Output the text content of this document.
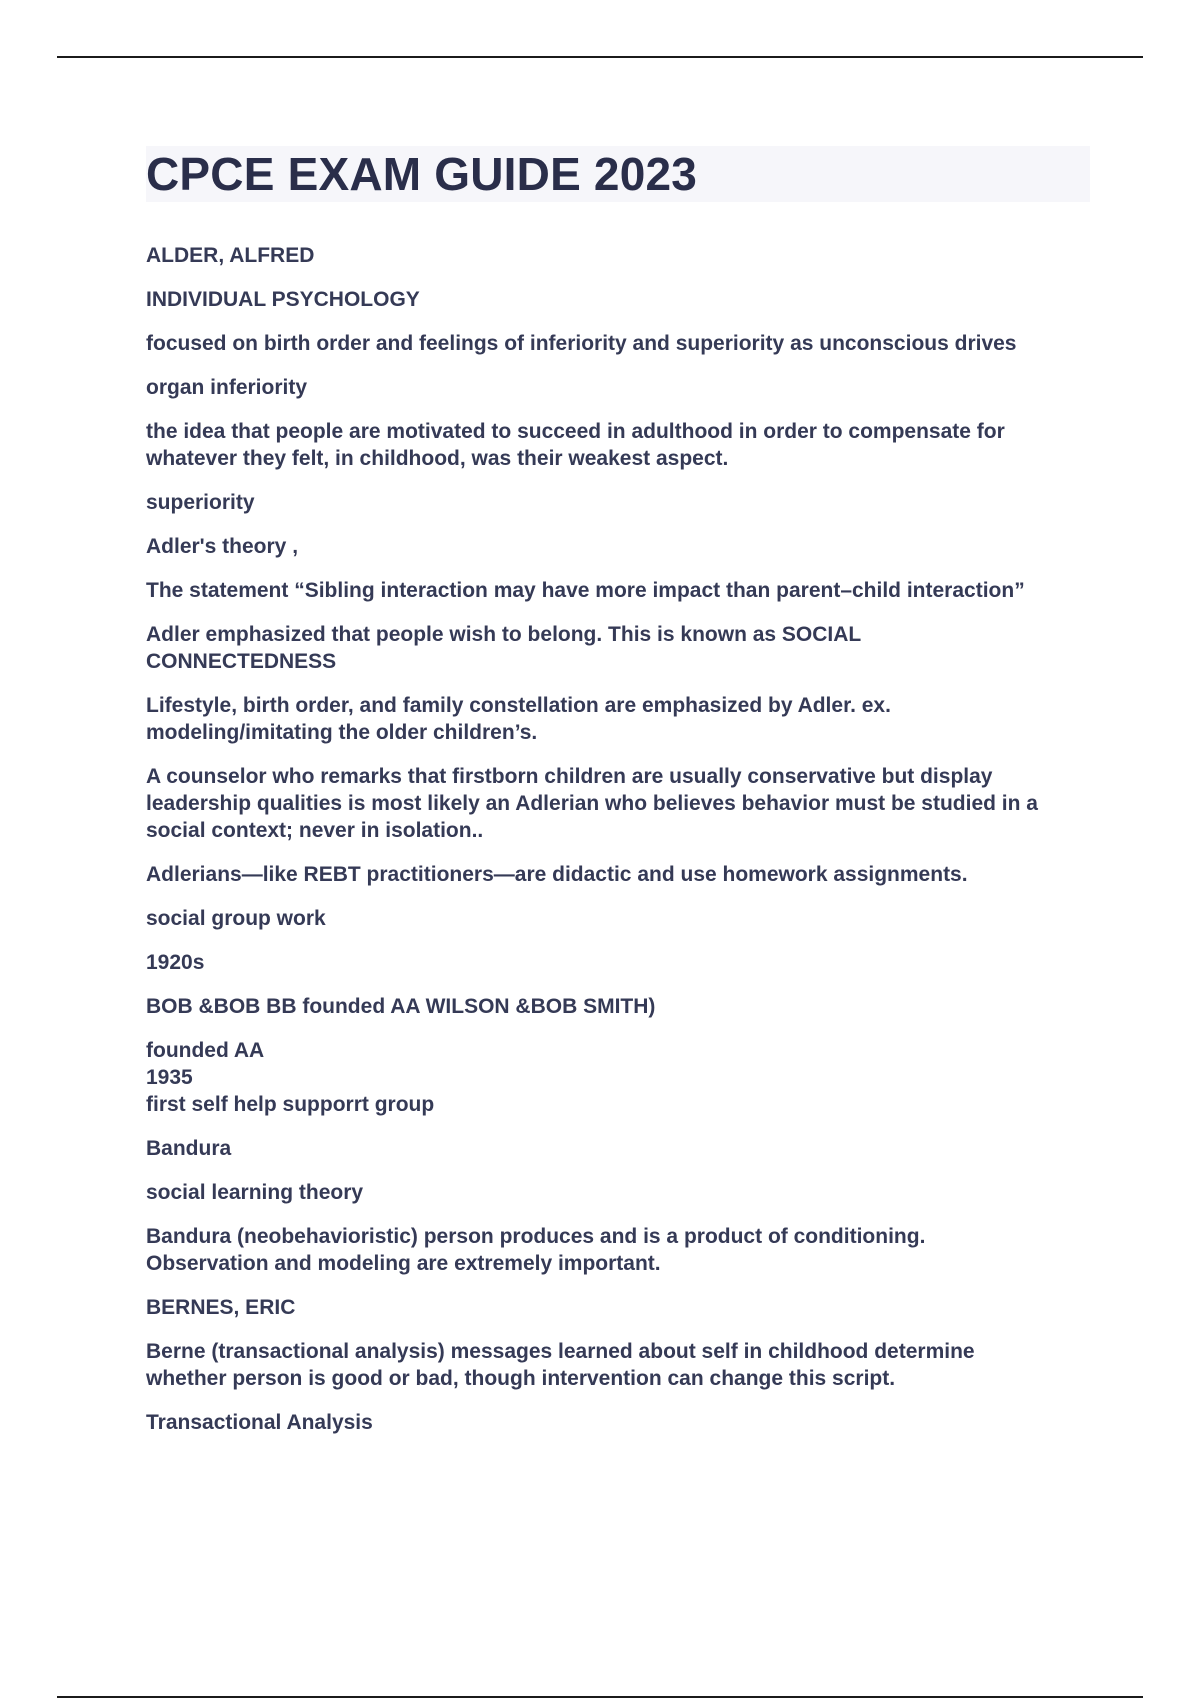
CPCE EXAM GUIDE 2023

ALDER, ALFRED

INDIVIDUAL PSYCHOLOGY

focused on birth order and feelings of inferiority and superiority as unconscious drives

organ inferiority

the idea that people are motivated to succeed in adulthood in order to compensate for
whatever they felt, in childhood, was their weakest aspect.

superiority

Adler's theory ,

The statement “Sibling interaction may have more impact than parent–child interaction”

Adler emphasized that people wish to belong. This is known as SOCIAL
CONNECTEDNESS

Lifestyle, birth order, and family constellation are emphasized by Adler. ex.
modeling/imitating the older children’s.

A counselor who remarks that firstborn children are usually conservative but display
leadership qualities is most likely an Adlerian who believes behavior must be studied in a
social context; never in isolation..

Adlerians—like REBT practitioners—are didactic and use homework assignments.

social group work

1920s

BOB &BOB BB founded AA WILSON &BOB SMITH)

founded AA
1935
first self help supporrt group

Bandura

social learning theory

Bandura (neobehavioristic) person produces and is a product of conditioning.
Observation and modeling are extremely important.

BERNES, ERIC

Berne (transactional analysis) messages learned about self in childhood determine
whether person is good or bad, though intervention can change this script.

Transactional Analysis
